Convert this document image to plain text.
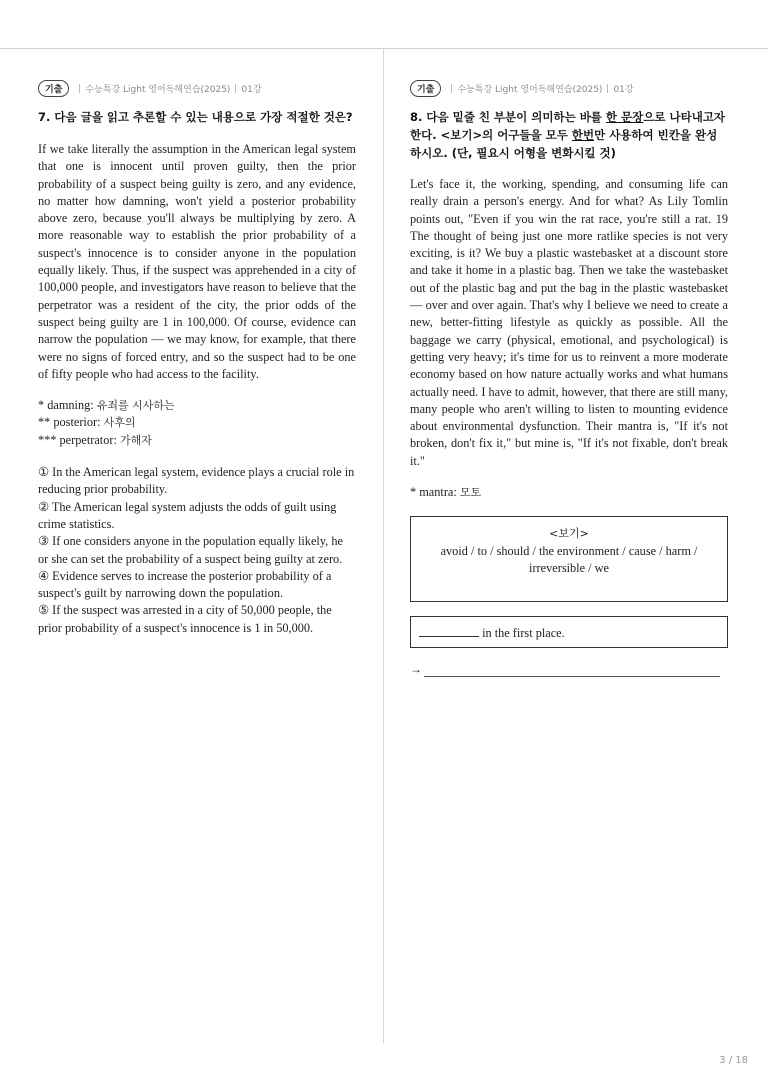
기출	수능특강 Light 영어독해연습(2025) 01강
7. 다음 글을 읽고 추론할 수 있는 내용으로 가장 적절한 것은?
If we take literally the assumption in the American legal system that one is innocent until proven guilty, then the prior probability of a suspect being guilty is zero, and any evidence, no matter how damning, won't yield a posterior probability above zero, because you'll always be multiplying by zero. A more reasonable way to establish the prior probability of a suspect's innocence is to consider anyone in the population equally likely. Thus, if the suspect was apprehended in a city of 100,000 people, and investigators have reason to believe that the perpetrator was a resident of the city, the prior odds of the suspect being guilty are 1 in 100,000. Of course, evidence can narrow the population — we may know, for example, that there were no signs of forced entry, and so the suspect had to be one of fifty people who had access to the facility.
* damning: 유죄를 시사하는
** posterior: 사후의
*** perpetrator: 가해자
① In the American legal system, evidence plays a crucial role in reducing prior probability.
② The American legal system adjusts the odds of guilt using crime statistics.
③ If one considers anyone in the population equally likely, he or she can set the probability of a suspect being guilty at zero.
④ Evidence serves to increase the posterior probability of a suspect's guilt by narrowing down the population.
⑤ If the suspect was arrested in a city of 50,000 people, the prior probability of a suspect's innocence is 1 in 50,000.
기출	수능특강 Light 영어독해연습(2025) 01강
8. 다음 밑줄 친 부분이 의미하는 바를 한 문장으로 나타내고자 한다. <보기>의 어구들을 모두 한번만 사용하여 빈칸을 완성하시오. (단, 필요시 어형을 변화시킬 것)
Let's face it, the working, spending, and consuming life can really drain a person's energy. And for what? As Lily Tomlin points out, "Even if you win the rat race, you're still a rat. 19 The thought of being just one more ratlike species is not very exciting, is it? We buy a plastic wastebasket at a discount store and take it home in a plastic bag. Then we take the wastebasket out of the plastic bag and put the bag in the plastic wastebasket — over and over again. That's why I believe we need to create a new, better-fitting lifestyle as quickly as possible. All the baggage we carry (physical, emotional, and psychological) is getting very heavy; it's time for us to reinvent a more moderate economy based on how nature actually works and what humans actually need. I have to admit, however, that there are still many, many people who aren't willing to listen to mounting evidence about environmental dysfunction. Their mantra is, "If it's not broken, don't fix it," but mine is, "If it's not fixable, don't break it."
* mantra: 모토
<보기>
avoid / to / should / the environment / cause / harm / irreversible / we
in the first place.
→
3 / 18
